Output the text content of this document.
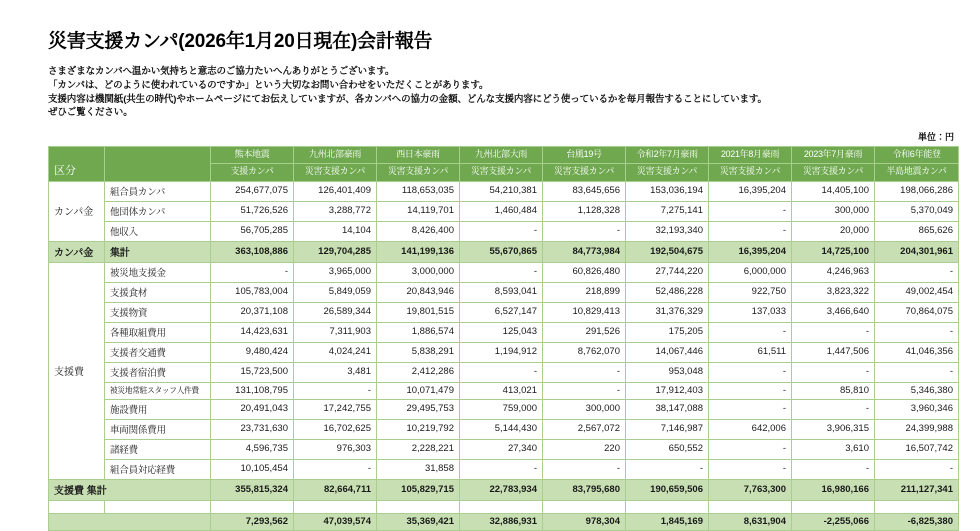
災害支援カンパ(2026年1月20日現在)会計報告

さまざまなカンパへ温かい気持ちと意志のご協力たいへんありがとうございます。

「カンパは、どのように使われているのですか」という大切なお問い合わせをいただくことがあります。

支援内容は機関紙(共生の時代)やホームページにてお伝えしていますが、各カンパへの協力の金額、どんな支援内容にどう使っているかを毎月報告することにしています。

ぜひご覧ください。

単位：円
区分		熊本地震	九州北部豪雨	西日本豪雨	九州北部大雨	台風19号	令和2年7月豪雨	2021年8月豪雨	2023年7月豪雨	令和6年能登
		支援カンパ	災害支援カンパ	災害支援カンパ	災害支援カンパ	災害支援カンパ	災害支援カンパ	災害支援カンパ	災害支援カンパ	半島地震カンパ
カンパ金	組合員カンパ	254,677,075	126,401,409	118,653,035	54,210,381	83,645,656	153,036,194	16,395,204	14,405,100	198,066,286
	他団体カンパ	51,726,526	3,288,772	14,119,701	1,460,484	1,128,328	7,275,141	-	300,000	5,370,049
	他収入	56,705,285	14,104	8,426,400	-	-	32,193,340	-	20,000	865,626
カンパ金	集計	363,108,886	129,704,285	141,199,136	55,670,865	84,773,984	192,504,675	16,395,204	14,725,100	204,301,961
支援費	被災地支援金	-	3,965,000	3,000,000	-	60,826,480	27,744,220	6,000,000	4,246,963	-
	支援食材	105,783,004	5,849,059	20,843,946	8,593,041	218,899	52,486,228	922,750	3,823,322	49,002,454
	支援物資	20,371,108	26,589,344	19,801,515	6,527,147	10,829,413	31,376,329	137,033	3,466,640	70,864,075
	各種取組費用	14,423,631	7,311,903	1,886,574	125,043	291,526	175,205	-	-	-
	支援者交通費	9,480,424	4,024,241	5,838,291	1,194,912	8,762,070	14,067,446	61,511	1,447,506	41,046,356
	支援者宿泊費	15,723,500	3,481	2,412,286	-	-	953,048	-	-	-
	被災地常駐スタッフ人件費	131,108,795	-	10,071,479	413,021	-	17,912,403	-	85,810	5,346,380
	施設費用	20,491,043	17,242,755	29,495,753	759,000	300,000	38,147,088	-	-	3,960,346
	車両関係費用	23,731,630	16,702,625	10,219,792	5,144,430	2,567,072	7,146,987	642,006	3,906,315	24,399,988
	諸経費	4,596,735	976,303	2,228,221	27,340	220	650,552	-	3,610	16,507,742
	組合員対応経費	10,105,454	-	31,858	-	-	-	-	-	-
支援費 集計		355,815,324	82,664,711	105,829,715	22,783,934	83,795,680	190,659,506	7,763,300	16,980,166	211,127,341

		7,293,562	47,039,574	35,369,421	32,886,931	978,304	1,845,169	8,631,904	-2,255,066	-6,825,380
